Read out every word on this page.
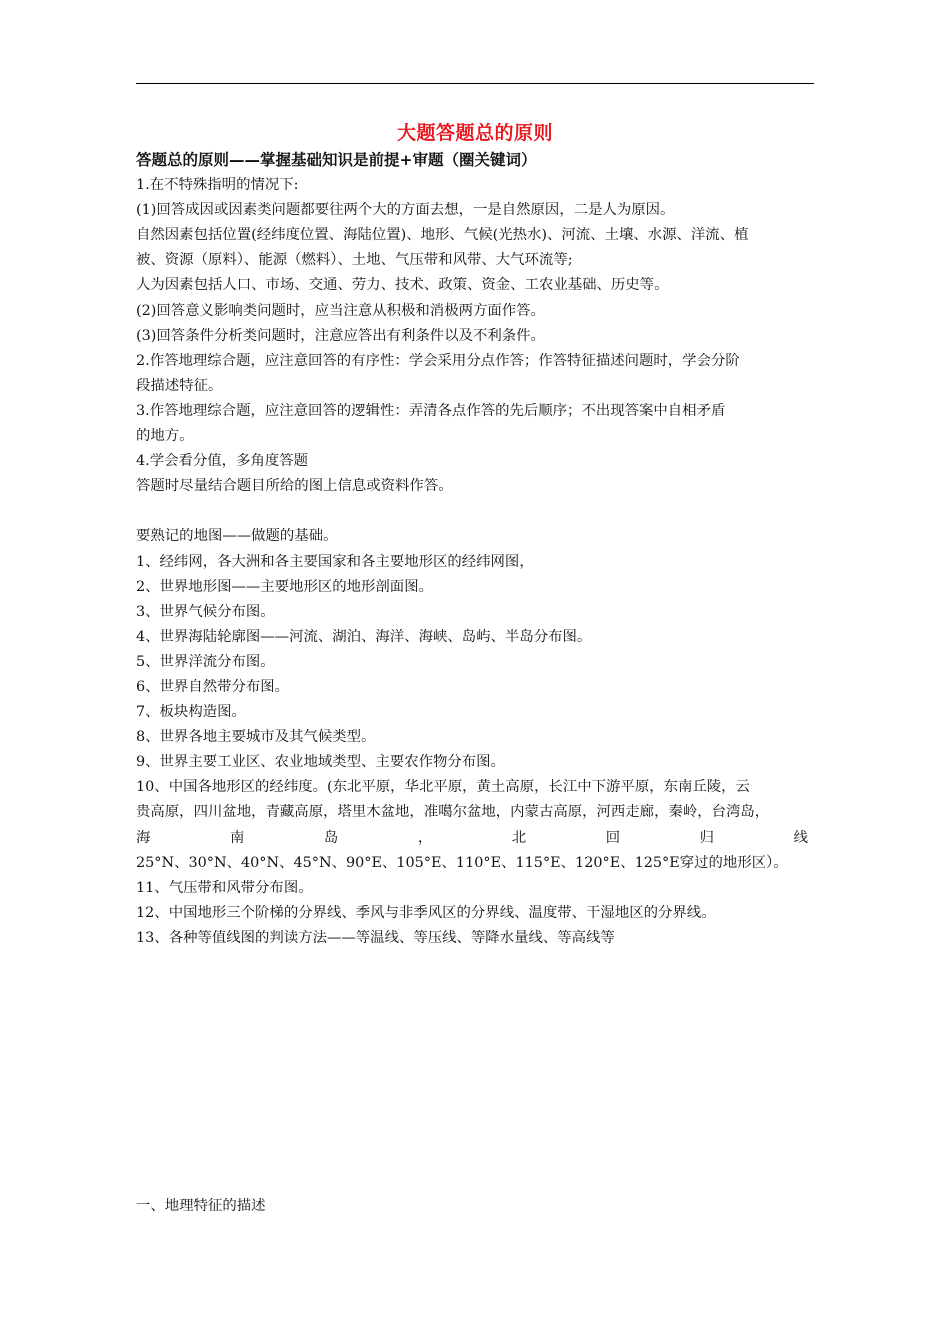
大题答题总的原则

答题总的原则——掌握基础知识是前提+审题（圈关键词）

1.在不特殊指明的情况下:

(1)回答成因或因素类问题都要往两个大的方面去想，一是自然原因，二是人为原因。

自然因素包括位置(经纬度位置、海陆位置)、地形、气候(光热水)、河流、土壤、水源、洋流、植

被、资源（原料）、能源（燃料）、土地、气压带和风带、大气环流等;

人为因素包括人口、市场、交通、劳力、技术、政策、资金、工农业基础、历史等。

(2)回答意义影响类问题时，应当注意从积极和消极两方面作答。

(3)回答条件分析类问题时，注意应答出有利条件以及不利条件。

2.作答地理综合题，应注意回答的有序性：学会采用分点作答；作答特征描述问题时，学会分阶

段描述特征。

3.作答地理综合题，应注意回答的逻辑性：弄清各点作答的先后顺序；不出现答案中自相矛盾

的地方。

4.学会看分值，多角度答题

答题时尽量结合题目所给的图上信息或资料作答。

要熟记的地图——做题的基础。

1、经纬网，各大洲和各主要国家和各主要地形区的经纬网图，

2、世界地形图——主要地形区的地形剖面图。

3、世界气候分布图。

4、世界海陆轮廓图——河流、湖泊、海洋、海峡、岛屿、半岛分布图。

5、世界洋流分布图。

6、世界自然带分布图。

7、板块构造图。

8、世界各地主要城市及其气候类型。

9、世界主要工业区、农业地域类型、主要农作物分布图。

10、中国各地形区的经纬度。(东北平原，华北平原，黄土高原，长江中下游平原，东南丘陵，云

贵高原，四川盆地，青藏高原，塔里木盆地，准噶尔盆地，内蒙古高原，河西走廊，秦岭，台湾岛，

海	南	岛	，	北	回	归	线

25°N、30°N、40°N、45°N、90°E、105°E、110°E、115°E、120°E、125°E穿过的地形区）。

11、气压带和风带分布图。

12、中国地形三个阶梯的分界线、季风与非季风区的分界线、温度带、干湿地区的分界线。

13、各种等值线图的判读方法——等温线、等压线、等降水量线、等高线等

一、地理特征的描述
